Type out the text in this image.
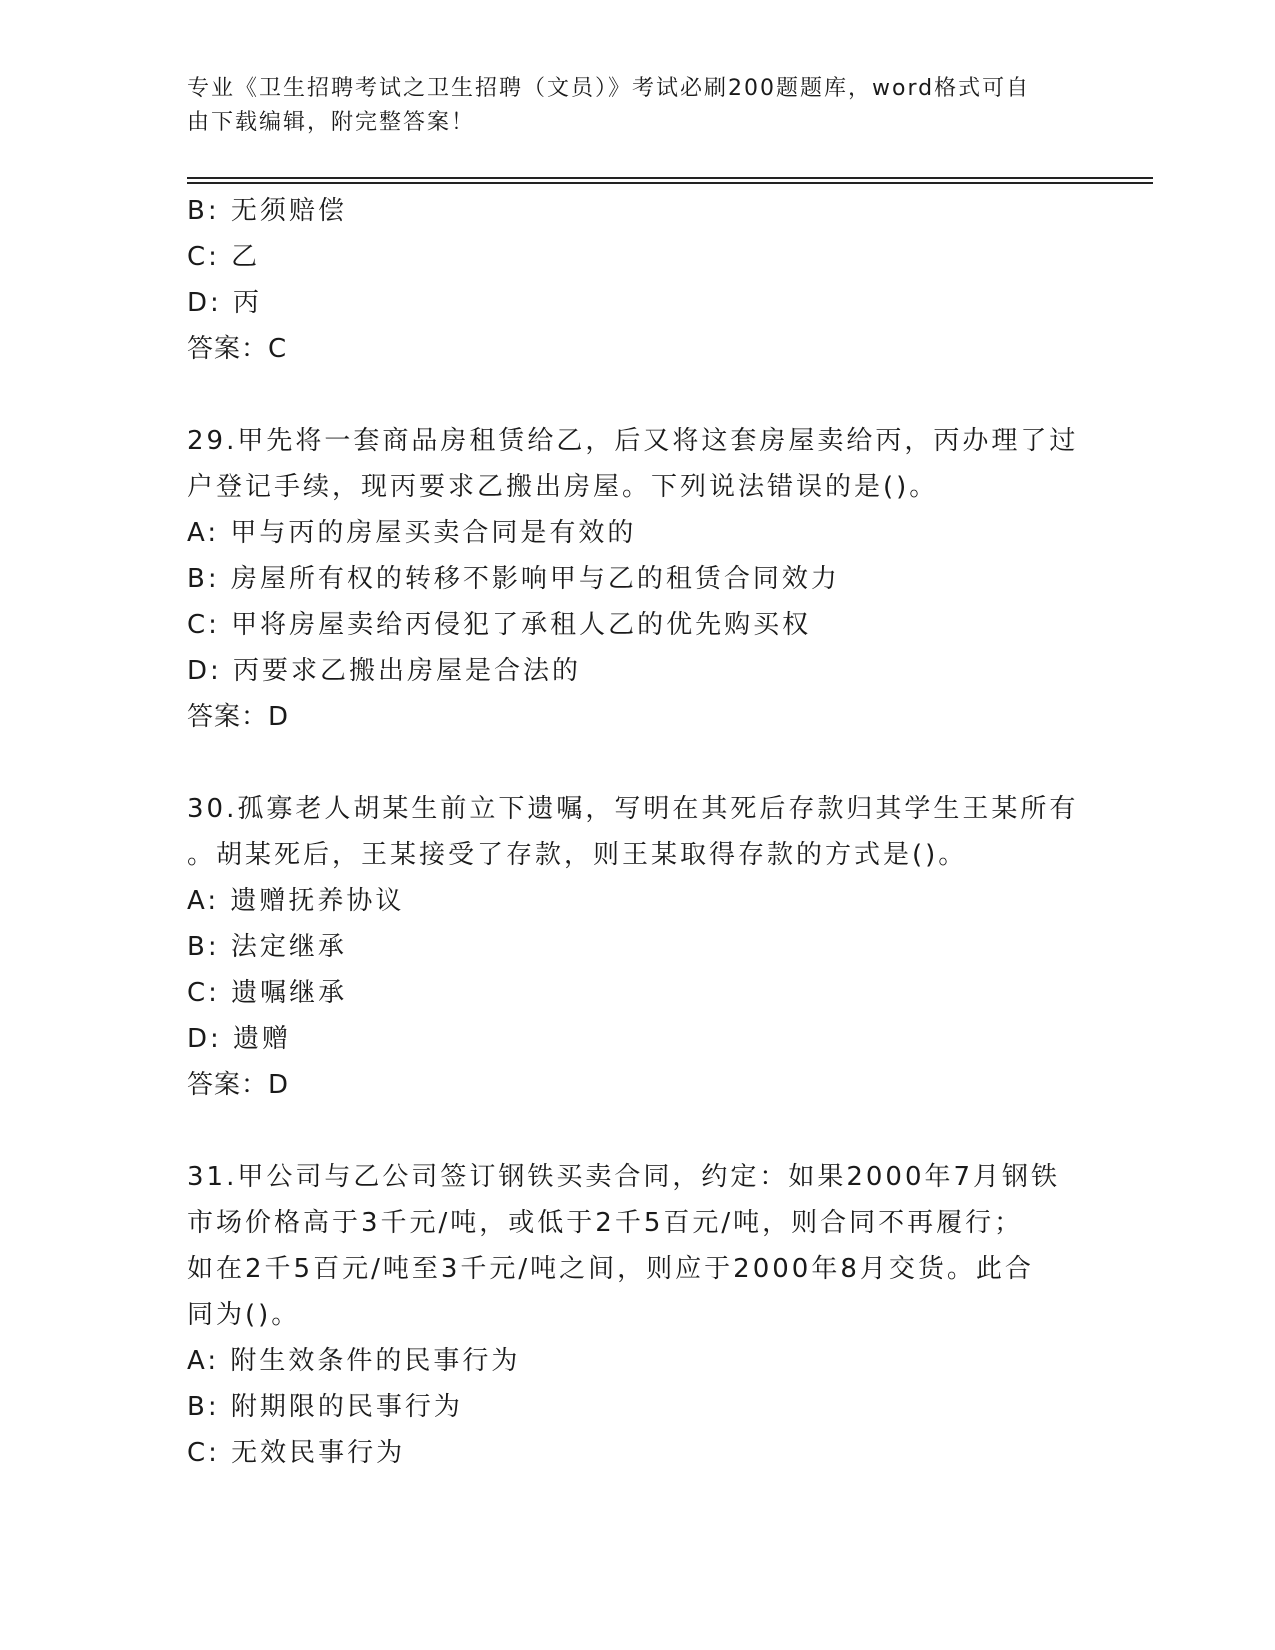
专业《卫生招聘考试之卫生招聘（文员）》考试必刷200题题库，word格式可自
由下载编辑，附完整答案！
B: 无须赔偿
C: 乙
D: 丙
答案：C
29.甲先将一套商品房租赁给乙，后又将这套房屋卖给丙，丙办理了过
户登记手续，现丙要求乙搬出房屋。下列说法错误的是()。
A: 甲与丙的房屋买卖合同是有效的
B: 房屋所有权的转移不影响甲与乙的租赁合同效力
C: 甲将房屋卖给丙侵犯了承租人乙的优先购买权
D: 丙要求乙搬出房屋是合法的
答案：D
30.孤寡老人胡某生前立下遗嘱，写明在其死后存款归其学生王某所有
。胡某死后，王某接受了存款，则王某取得存款的方式是()。
A: 遗赠抚养协议
B: 法定继承
C: 遗嘱继承
D: 遗赠
答案：D
31.甲公司与乙公司签订钢铁买卖合同，约定：如果2000年7月钢铁
市场价格高于3千元/吨，或低于2千5百元/吨，则合同不再履行；
如在2千5百元/吨至3千元/吨之间，则应于2000年8月交货。此合
同为()。
A: 附生效条件的民事行为
B: 附期限的民事行为
C: 无效民事行为
